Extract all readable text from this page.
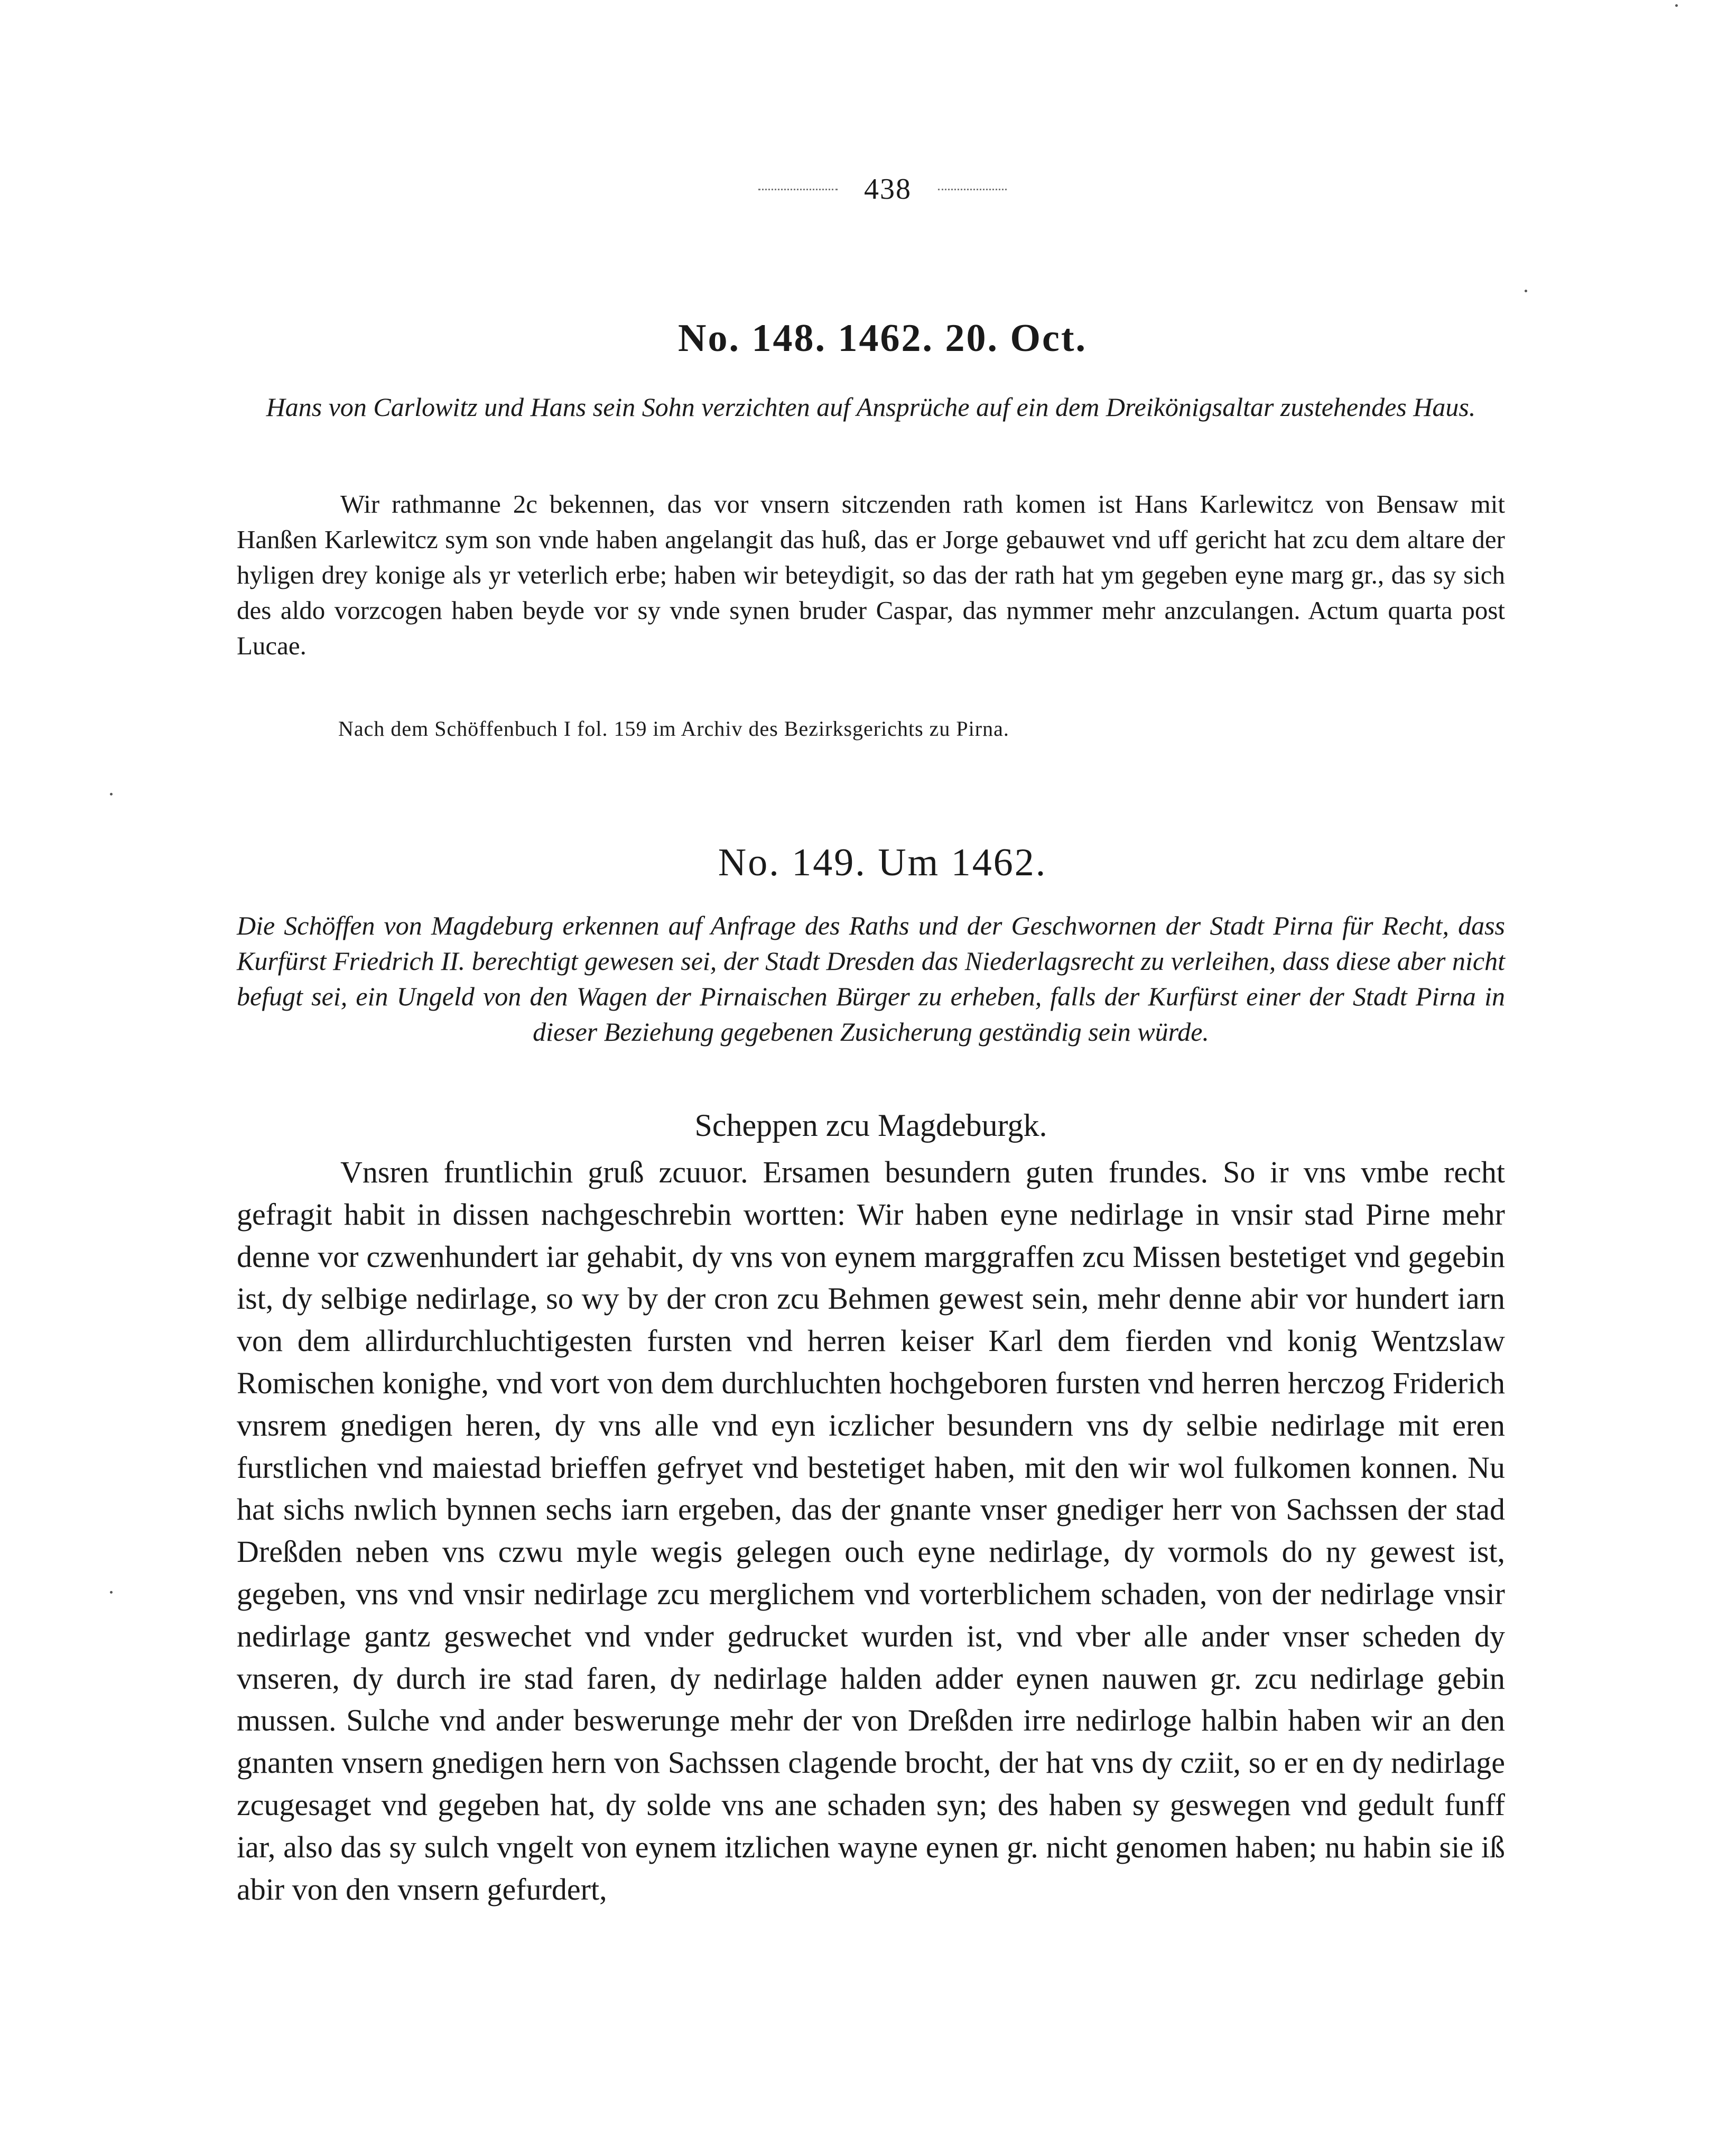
438
No. 148. 1462. 20. Oct.

Hans von Carlowitz und Hans sein Sohn verzichten auf Ansprüche auf ein dem Dreikönigsaltar zustehendes Haus.

Wir rathmanne 2c bekennen, das vor vnsern sitczenden rath komen ist Hans Karlewitcz von Bensaw mit Hanßen Karlewitcz sym son vnde haben angelangit das huß, das er Jorge gebauwet vnd uff gericht hat zcu dem altare der hyligen drey konige als yr veterlich erbe; haben wir beteydigit, so das der rath hat ym gegeben eyne marg gr., das sy sich des aldo vorzcogen haben beyde vor sy vnde synen bruder Caspar, das nymmer mehr anzculangen. Actum quarta post Lucae.

Nach dem Schöffenbuch I fol. 159 im Archiv des Bezirksgerichts zu Pirna.

No. 149. Um 1462.

Die Schöffen von Magdeburg erkennen auf Anfrage des Raths und der Geschwornen der Stadt Pirna für Recht, dass Kurfürst Friedrich II. berechtigt gewesen sei, der Stadt Dresden das Niederlagsrecht zu verleihen, dass diese aber nicht befugt sei, ein Ungeld von den Wagen der Pirnaischen Bürger zu erheben, falls der Kurfürst einer der Stadt Pirna in dieser Beziehung gegebenen Zusicherung geständig sein würde.

Scheppen zcu Magdeburgk.

Vnsren fruntlichin gruß zcuuor. Ersamen besundern guten frundes. So ir vns vmbe recht gefragit habit in dissen nachgeschrebin wortten: Wir haben eyne nedirlage in vnsir stad Pirne mehr denne vor czwenhundert iar gehabit, dy vns von eynem marggraffen zcu Missen bestetiget vnd gegebin ist, dy selbige nedirlage, so wy by der cron zcu Behmen gewest sein, mehr denne abir vor hundert iarn von dem allirdurchluchtigesten fursten vnd herren keiser Karl dem fierden vnd konig Wentzslaw Romischen konighe, vnd vort von dem durchluchten hochgeboren fursten vnd herren herczog Friderich vnsrem gnedigen heren, dy vns alle vnd eyn iczlicher besundern vns dy selbie nedirlage mit eren furstlichen vnd maiestad brieffen gefryet vnd bestetiget haben, mit den wir wol fulkomen konnen. Nu hat sichs nwlich bynnen sechs iarn ergeben, das der gnante vnser gnediger herr von Sachssen der stad Dreßden neben vns czwu myle wegis gelegen ouch eyne nedirlage, dy vormols do ny gewest ist, gegeben, vns vnd vnsir nedirlage zcu merglichem vnd vorterblichem schaden, von der nedirlage vnsir nedirlage gantz geswechet vnd vnder gedrucket wurden ist, vnd vber alle ander vnser scheden dy vnseren, dy durch ire stad faren, dy nedirlage halden adder eynen nauwen gr. zcu nedirlage gebin mussen. Sulche vnd ander beswerunge mehr der von Dreßden irre nedirloge halbin haben wir an den gnanten vnsern gnedigen hern von Sachssen clagende brocht, der hat vns dy cziit, so er en dy nedirlage zcugesaget vnd gegeben hat, dy solde vns ane schaden syn; des haben sy geswegen vnd gedult funff iar, also das sy sulch vngelt von eynem itzlichen wayne eynen gr. nicht genomen haben; nu habin sie iß abir von den vnsern gefurdert,
